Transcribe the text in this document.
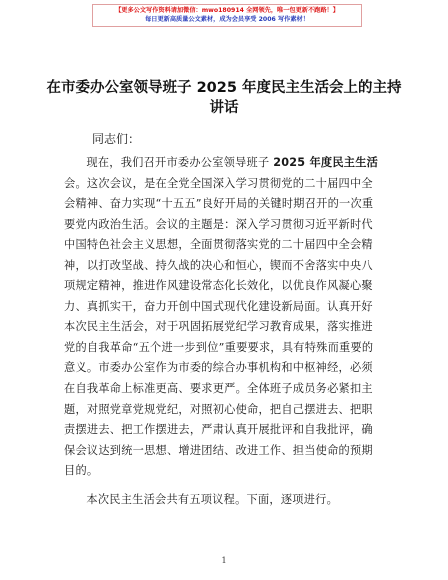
【更多公文写作资料请加微信：mwo180914 全网领先，唯一包更新不跑路！】
每日更新高质量公文素材，成为会员享受 2006 写作素材！
在市委办公室领导班子 2025 年度民主生活会上的主持讲话
同志们：

现在，我们召开市委办公室领导班子 2025 年度民主生活会。这次会议，是在全党全国深入学习贯彻党的二十届四中全会精神、奋力实现“十五五”良好开局的关键时期召开的一次重要党内政治生活。会议的主题是：深入学习贯彻习近平新时代中国特色社会主义思想，全面贯彻落实党的二十届四中全会精神，以打改坚战、持久战的决心和恒心，锲而不舍落实中央八项规定精神，推进作风建设常态化长效化，以优良作风凝心聚力、真抓实干，奋力开创中国式现代化建设新局面。认真开好本次民主生活会，对于巩固拓展党纪学习教育成果，落实推进党的自我革命“五个进一步到位”重要要求，具有特殊而重要的意义。市委办公室作为市委的综合办事机构和中枢神经，必须在自我革命上标准更高、要求更严。全体班子成员务必紧扣主题，对照党章党规党纪，对照初心使命，把自己摆进去、把职责摆进去、把工作摆进去，严肃认真开展批评和自我批评，确保会议达到统一思想、增进团结、改进工作、担当使命的预期目的。

本次民主生活会共有五项议程。下面，逐项进行。

1
